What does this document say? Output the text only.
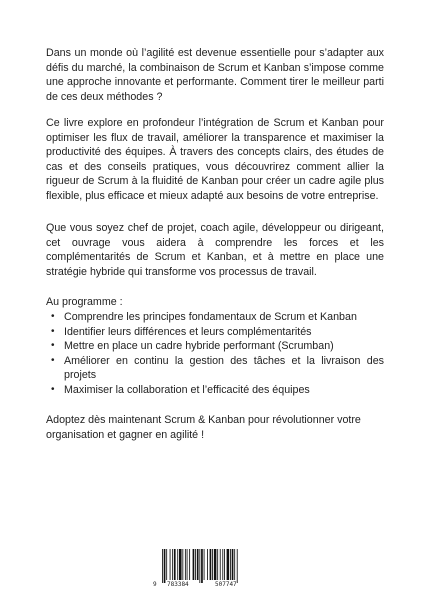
Dans un monde où l’agilité est devenue essentielle pour s’adapter aux défis du marché, la combinaison de Scrum et Kanban s’impose comme une approche innovante et performante. Comment tirer le meilleur parti de ces deux méthodes ?

Ce livre explore en profondeur l’intégration de Scrum et Kanban pour optimiser les flux de travail, améliorer la transparence et maximiser la productivité des équipes. À travers des concepts clairs, des études de cas et des conseils pratiques, vous découvrirez comment allier la rigueur de Scrum à la fluidité de Kanban pour créer un cadre agile plus flexible, plus efficace et mieux adapté aux besoins de votre entreprise.

Que vous soyez chef de projet, coach agile, développeur ou dirigeant, cet ouvrage vous aidera à comprendre les forces et les complémentarités de Scrum et Kanban, et à mettre en place une stratégie hybride qui transforme vos processus de travail.

Au programme :
• Comprendre les principes fondamentaux de Scrum et Kanban
• Identifier leurs différences et leurs complémentarités
• Mettre en place un cadre hybride performant (Scrumban)
• Améliorer en continu la gestion des tâches et la livraison des projets
• Maximiser la collaboration et l’efficacité des équipes

Adoptez dès maintenant Scrum & Kanban pour révolutionner votre organisation et gagner en agilité !

9 783384	507747
